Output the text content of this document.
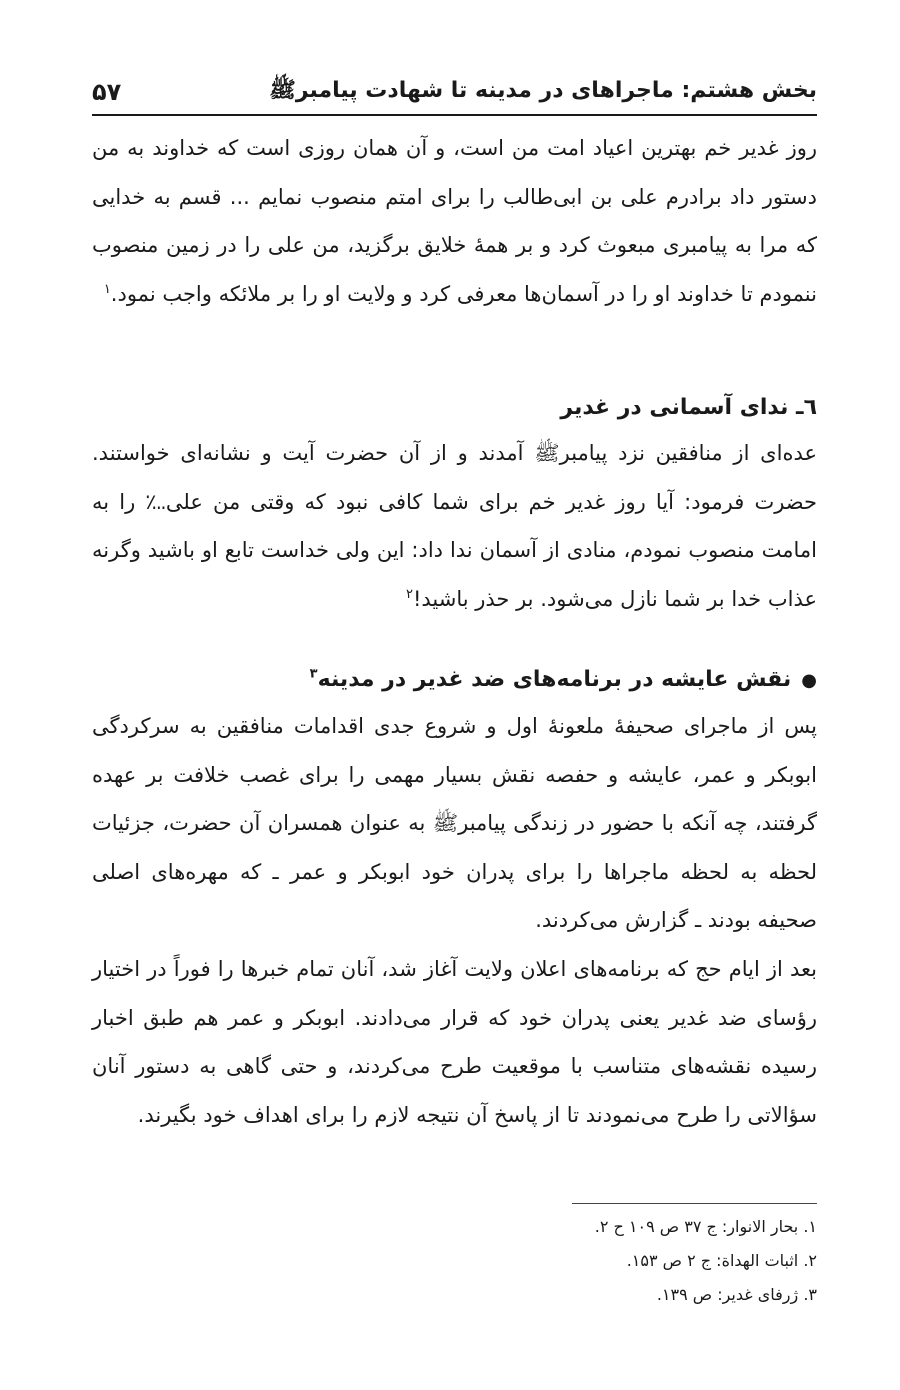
بخش هشتم: ماجراهای در مدینه تا شهادت پیامبرﷺ
۵۷

روز غدیر خم بهترین اعیاد امت من است، و آن همان روزی است که خداوند به من دستور داد برادرم علی بن ابی‌طالب را برای امتم منصوب نمایم ... قسم به خدایی که مرا به پیامبری مبعوث کرد و بر همهٔ خلایق برگزید، من علی را در زمین منصوب ننمودم تا خداوند او را در آسمان‌ها معرفی کرد و ولایت او را بر ملائکه واجب نمود.$^۱$

٦ـ ندای آسمانی در غدیر

عده‌ای از منافقین نزد پیامبرﷺ آمدند و از آن حضرت آیت و نشانه‌ای خواستند. حضرت فرمود: آیا روز غدیر خم برای شما کافی نبود که وقتی من علی؊ را به امامت منصوب نمودم، منادی از آسمان ندا داد: این ولی خداست تابع او باشید وگرنه عذاب خدا بر شما نازل می‌شود. بر حذر باشید!$^۲$

●نقش عایشه در برنامه‌های ضد غدیر در مدینه$^۳$

پس از ماجرای صحیفهٔ ملعونهٔ اول و شروع جدی اقدامات منافقین به سرکردگی ابوبکر و عمر، عایشه و حفصه نقش بسیار مهمی را برای غصب خلافت بر عهده گرفتند، چه آنکه با حضور در زندگی پیامبرﷺ به عنوان همسران آن حضرت، جزئیات لحظه به لحظه ماجراها را برای پدران خود ابوبکر و عمر ـ که مهره‌های اصلی صحیفه بودند ـ گزارش می‌کردند.

بعد از ایام حج که برنامه‌های اعلان ولایت آغاز شد، آنان تمام خبرها را فوراً در اختیار رؤسای ضد غدیر یعنی پدران خود که قرار می‌دادند. ابوبکر و عمر هم طبق اخبار رسیده نقشه‌های متناسب با موقعیت طرح می‌کردند، و حتی گاهی به دستور آنان سؤالاتی را طرح می‌نمودند تا از پاسخ آن نتیجه لازم را برای اهداف خود بگیرند.

۱. بحار الانوار: ج ۳۷ ص ۱۰۹ ح ۲.
۲. اثبات الهداة: ج ۲ ص ۱۵۳.
۳. ژرفای غدیر: ص ۱۳۹.
